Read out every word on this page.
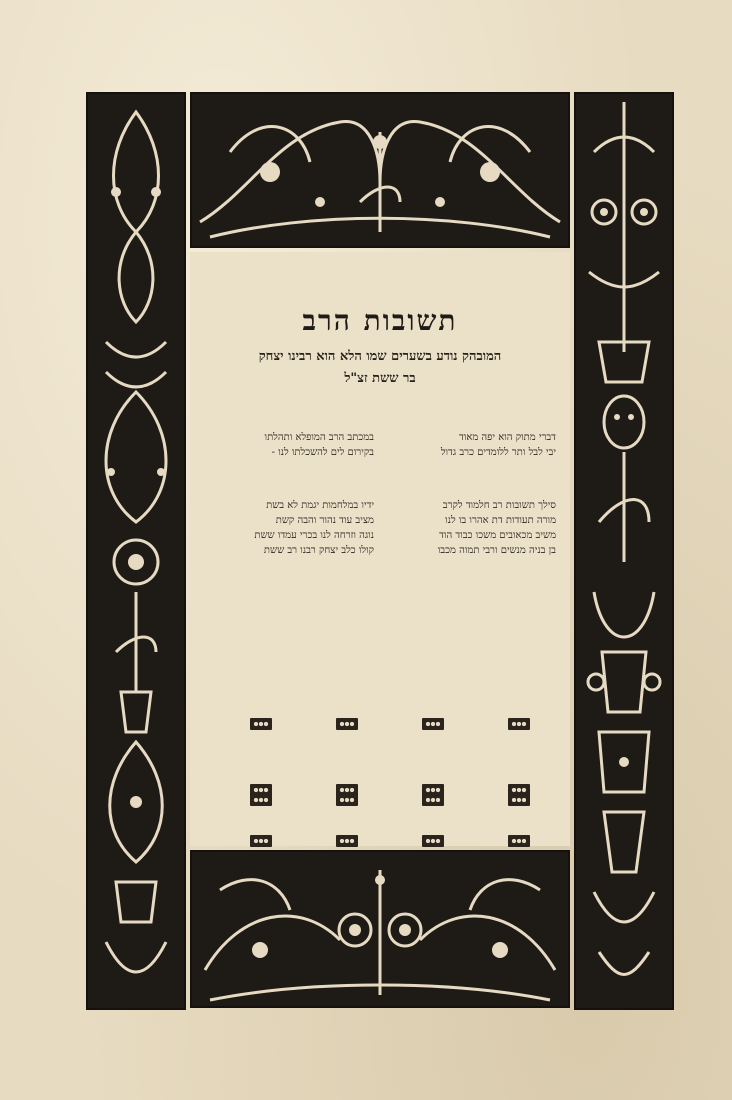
תשובות הרב
המובהק נודע בשערים שמו הלא הוא רבינו יצחק
בר ששת זצ"ל
דברי מתוק הוא יפה מאוד
יבי לבל ותר ללומדים כרב גדול
במכתב הרב המופלא ותהלתו
בקירום לים להשכלתו לנו -
סילך תשובות רב חלמוד לקרב
מורה תעודות דת אהרו בו לנו
משיב מכאובים משכו כבוד הוד
בן בניה מנשים ורבי תמוה מכבו
ידיו במלחמות יגמת לא בשת
מציב עוד נהור והבה קשת
נוגה וזרחה לנו בכרי עמדו ששת
קולו כלב יצחק רבנו רב ששת
